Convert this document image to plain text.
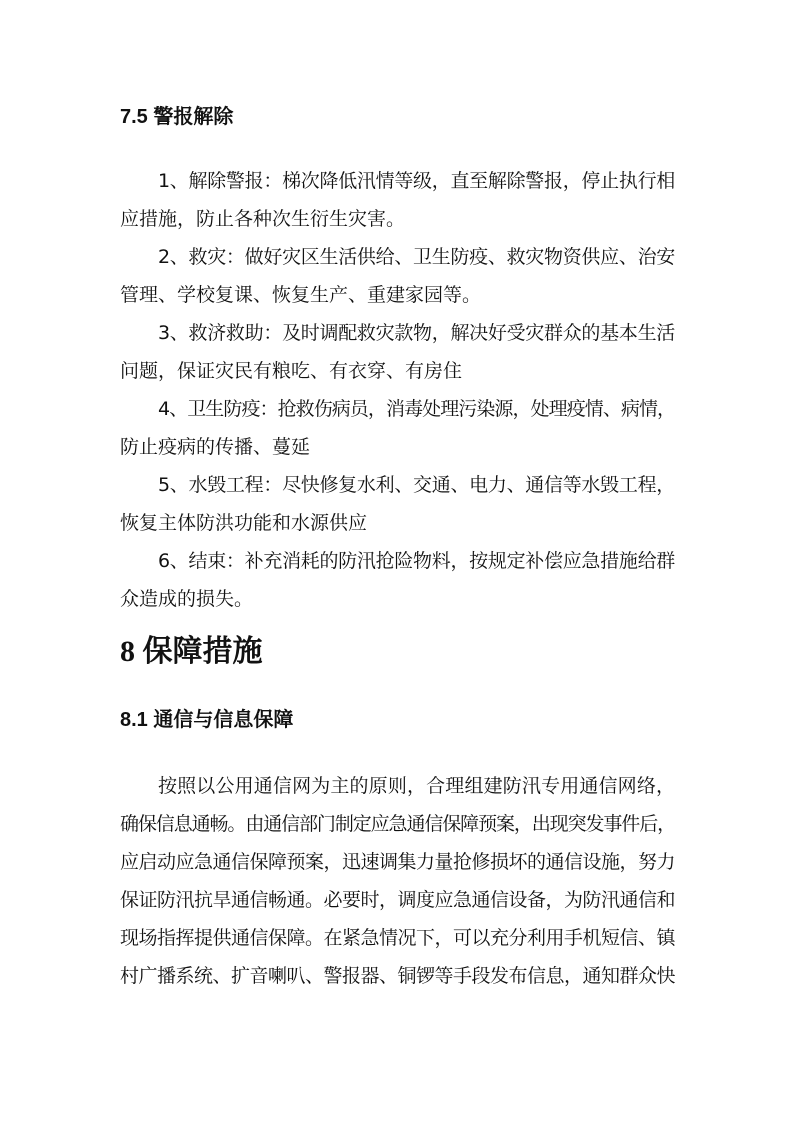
7.5 警报解除
1、解除警报：梯次降低汛情等级，直至解除警报，停止执行相
应措施，防止各种次生衍生灾害。
2、救灾：做好灾区生活供给、卫生防疫、救灾物资供应、治安
管理、学校复课、恢复生产、重建家园等。
3、救济救助：及时调配救灾款物，解决好受灾群众的基本生活
问题，保证灾民有粮吃、有衣穿、有房住
4、卫生防疫：抢救伤病员，消毒处理污染源，处理疫情、病情，
防止疫病的传播、蔓延
5、水毁工程：尽快修复水利、交通、电力、通信等水毁工程，
恢复主体防洪功能和水源供应
6、结束：补充消耗的防汛抢险物料，按规定补偿应急措施给群
众造成的损失。
8 保障措施
8.1 通信与信息保障
按照以公用通信网为主的原则，合理组建防汛专用通信网络，
确保信息通畅。由通信部门制定应急通信保障预案，出现突发事件后，
应启动应急通信保障预案，迅速调集力量抢修损坏的通信设施，努力
保证防汛抗旱通信畅通。必要时，调度应急通信设备，为防汛通信和
现场指挥提供通信保障。在紧急情况下，可以充分利用手机短信、镇
村广播系统、扩音喇叭、警报器、铜锣等手段发布信息，通知群众快
